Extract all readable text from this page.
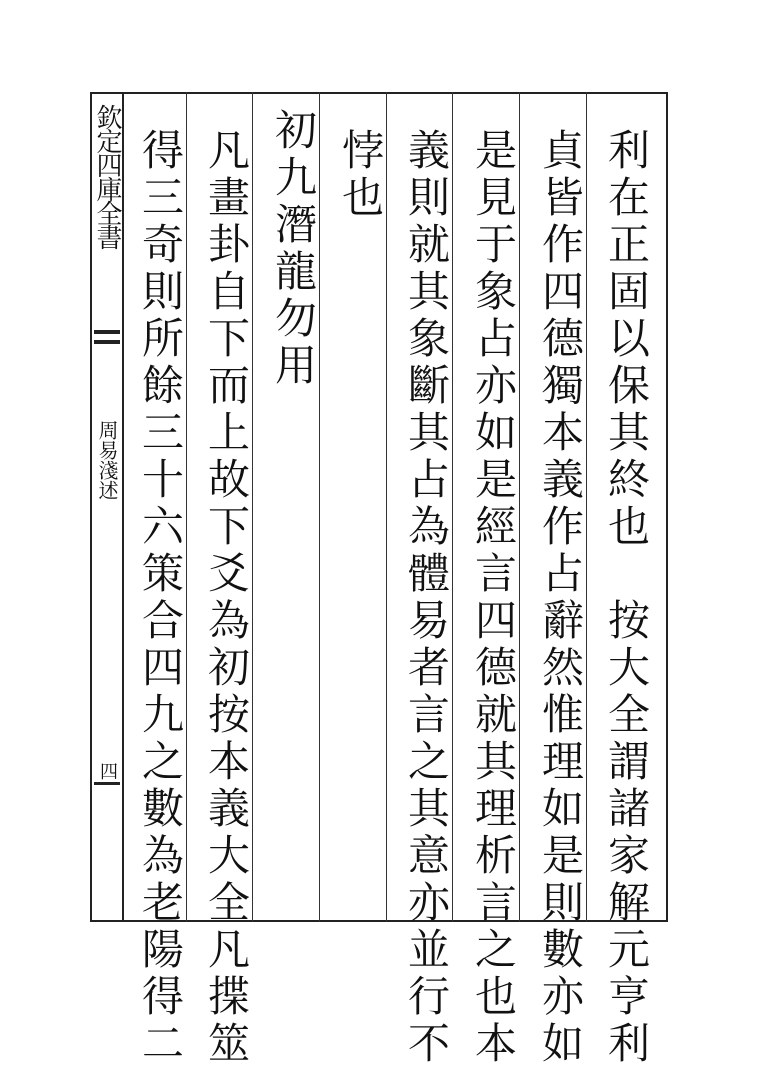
欽定四庫全書
周易淺述
四	利在正固以保其終也　按大全謂諸家解元亨利
貞皆作四德獨本義作占辭然惟理如是則數亦如
是見于象占亦如是經言四德就其理析言之也本
義則就其象斷其占為體易者言之其意亦並行不
悖也
初九潛龍勿用
凡畫卦自下而上故下爻為初按本義大全凡揲筮
得三奇則所餘三十六策合四九之數為老陽得二
